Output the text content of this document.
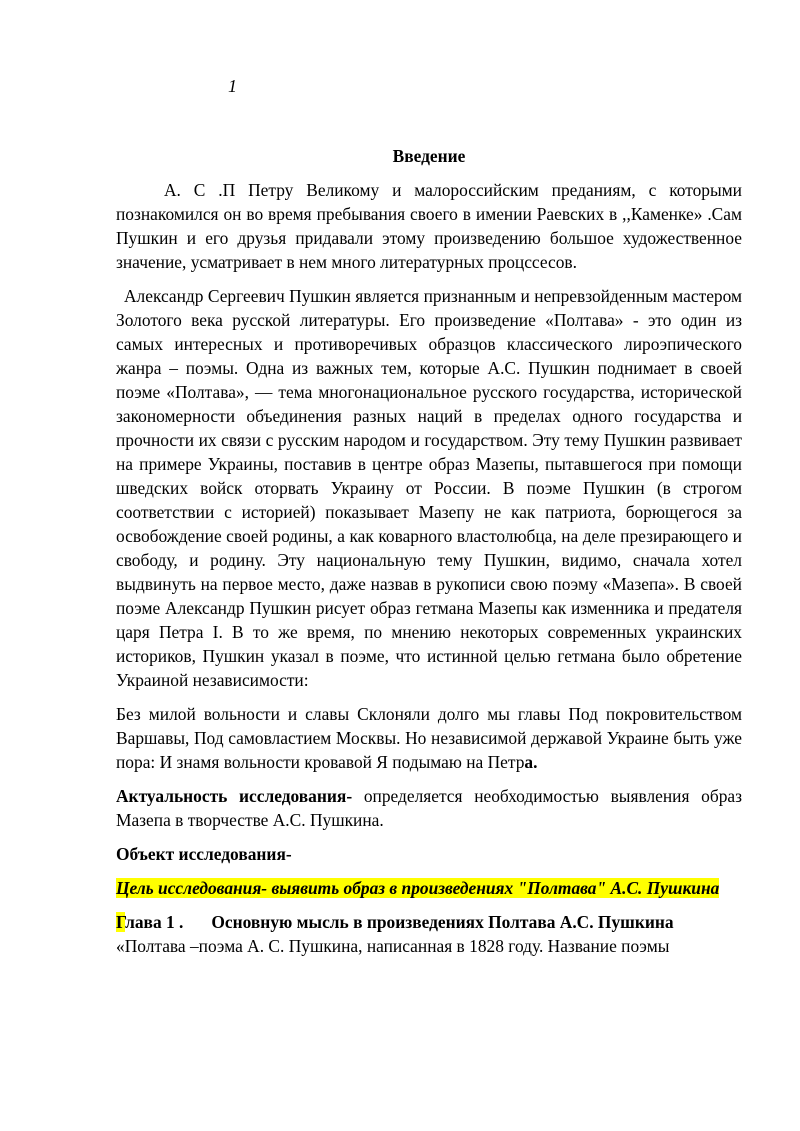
1
Введение

А. С .П Петру Великому и малороссийским преданиям, с которыми познакомился он во время пребывания своего в имении Раевских в ,,Каменке» .Сам Пушкин и его друзья придавали этому произведению большое художественное значение, усматривает в нем много литературных процссесов.

Александр Сергеевич Пушкин является признанным и непревзойденным мастером Золотого века русской литературы. Его произведение «Полтава» - это один из самых интересных и противоречивых образцов классического лироэпического жанра – поэмы. Одна из важных тем, которые А.С. Пушкин поднимает в своей поэме «Полтава», — тема многонациональное русского государства, исторической закономерности объединения разных наций в пределах одного государства и прочности их связи с русским народом и государством. Эту тему Пушкин развивает на примере Украины, поставив в центре образ Мазепы, пытавшегося при помощи шведских войск оторвать Украину от России. В поэме Пушкин (в строгом соответствии с историей) показывает Мазепу не как патриота, борющегося за освобождение своей родины, а как коварного властолюбца, на деле презирающего и свободу, и родину. Эту национальную тему Пушкин, видимо, сначала хотел выдвинуть на первое место, даже назвав в рукописи свою поэму «Мазепа». В своей поэме Александр Пушкин рисует образ гетмана Мазепы как изменника и предателя царя Петра I. В то же время, по мнению некоторых современных украинских историков, Пушкин указал в поэме, что истинной целью гетмана было обретение Украиной независимости:

Без милой вольности и славы Склоняли долго мы главы Под покровительством Варшавы, Под самовластием Москвы. Но независимой державой Украине быть уже пора: И знамя вольности кровавой Я подымаю на Петра.

Актуальность исследования- определяется необходимостью выявления образ Мазепа в творчестве А.С. Пушкина.

Объект исследования-

Цель исследования- выявить образ в произведениях "Полтава" А.С. Пушкина

Глава 1 . Основную мысль в произведениях Полтава А.С. Пушкина
«Полтава –поэма А. С. Пушкина, написанная в 1828 году. Название поэмы
